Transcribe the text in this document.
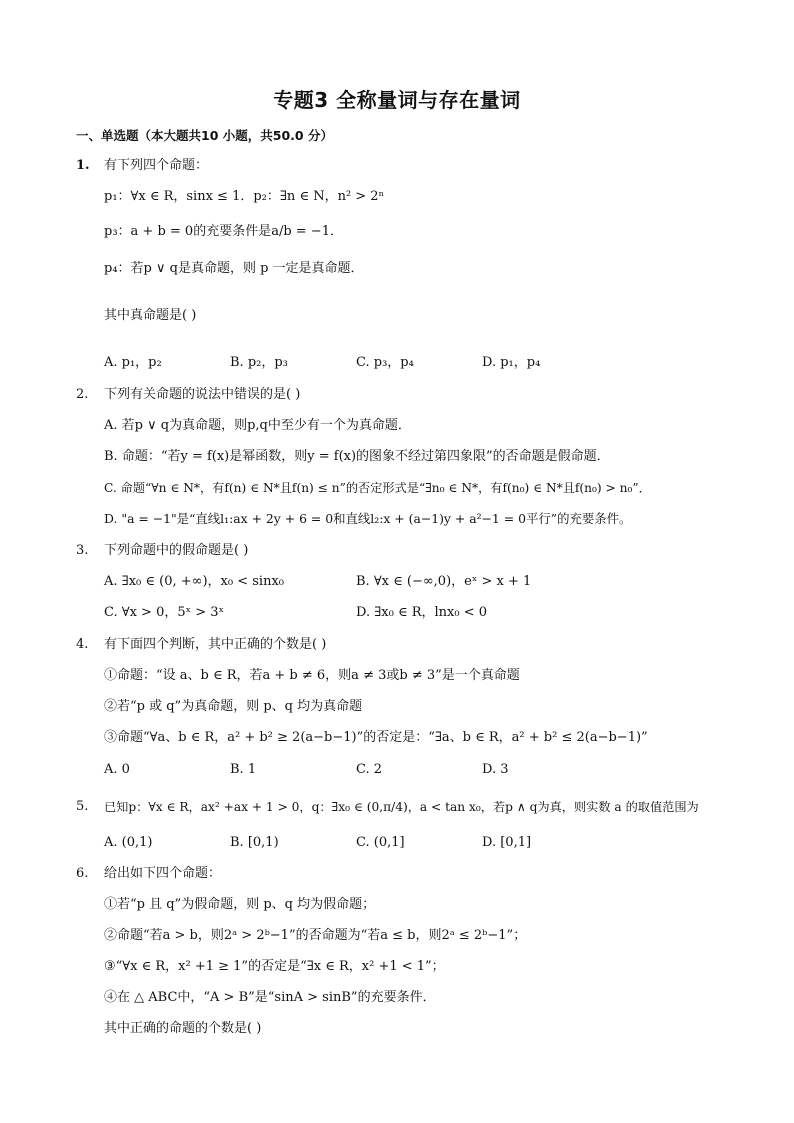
专题3 全称量词与存在量词
一、单选题（本大题共10 小题，共50.0 分）
1. 有下列四个命题：
p₁：∀x ∈ R，sinx ≤ 1．p₂：∃n ∈ N，n² > 2ⁿ
p₃：a + b = 0的充要条件是a/b = −1．
p₄：若p ∨ q是真命题，则 p 一定是真命题．
其中真命题是( )
A. p₁，p₂	B. p₂，p₃	C. p₃，p₄	D. p₁，p₄
2. 下列有关命题的说法中错误的是( )
A. 若p ∨ q为真命题，则p,q中至少有一个为真命题．
B. 命题：“若y = f(x)是幂函数，则y = f(x)的图象不经过第四象限”的否命题是假命题．
C. 命题“∀n ∈ N*，有f(n) ∈ N*且f(n) ≤ n”的否定形式是“∃n₀ ∈ N*，有f(n₀) ∈ N*且f(n₀) > n₀”．
D. "a = −1"是“直线l₁:ax + 2y + 6 = 0和直线l₂:x + (a−1)y + a²−1 = 0平行”的充要条件。
3. 下列命题中的假命题是( )
A. ∃x₀ ∈ (0, +∞)，x₀ < sinx₀	B. ∀x ∈ (−∞,0)，eˣ > x + 1
C. ∀x > 0，5ˣ > 3ˣ	D. ∃x₀ ∈ R，lnx₀ < 0
4. 有下面四个判断，其中正确的个数是( )
①命题：“设 a、b ∈ R，若a + b ≠ 6，则a ≠ 3或b ≠ 3”是一个真命题
②若“p 或 q”为真命题，则 p、q 均为真命题
③命题“∀a、b ∈ R，a² + b² ≥ 2(a−b−1)”的否定是：“∃a、b ∈ R，a² + b² ≤ 2(a−b−1)”
A. 0	B. 1	C. 2	D. 3
5. 已知p：∀x ∈ R，ax² +ax + 1 > 0，q：∃x₀ ∈ (0,π/4)，a < tan x₀，若p ∧ q为真，则实数 a 的取值范围为
A. (0,1)	B. [0,1)	C. (0,1]	D. [0,1]
6. 给出如下四个命题：
①若“p 且 q”为假命题，则 p、q 均为假命题；
②命题“若a > b，则2ᵃ > 2ᵇ−1”的否命题为“若a ≤ b，则2ᵃ ≤ 2ᵇ−1”；
③“∀x ∈ R，x² +1 ≥ 1”的否定是“∃x ∈ R，x² +1 < 1”；
④在 △ ABC中，“A > B”是“sinA > sinB”的充要条件．
其中正确的命题的个数是( )
